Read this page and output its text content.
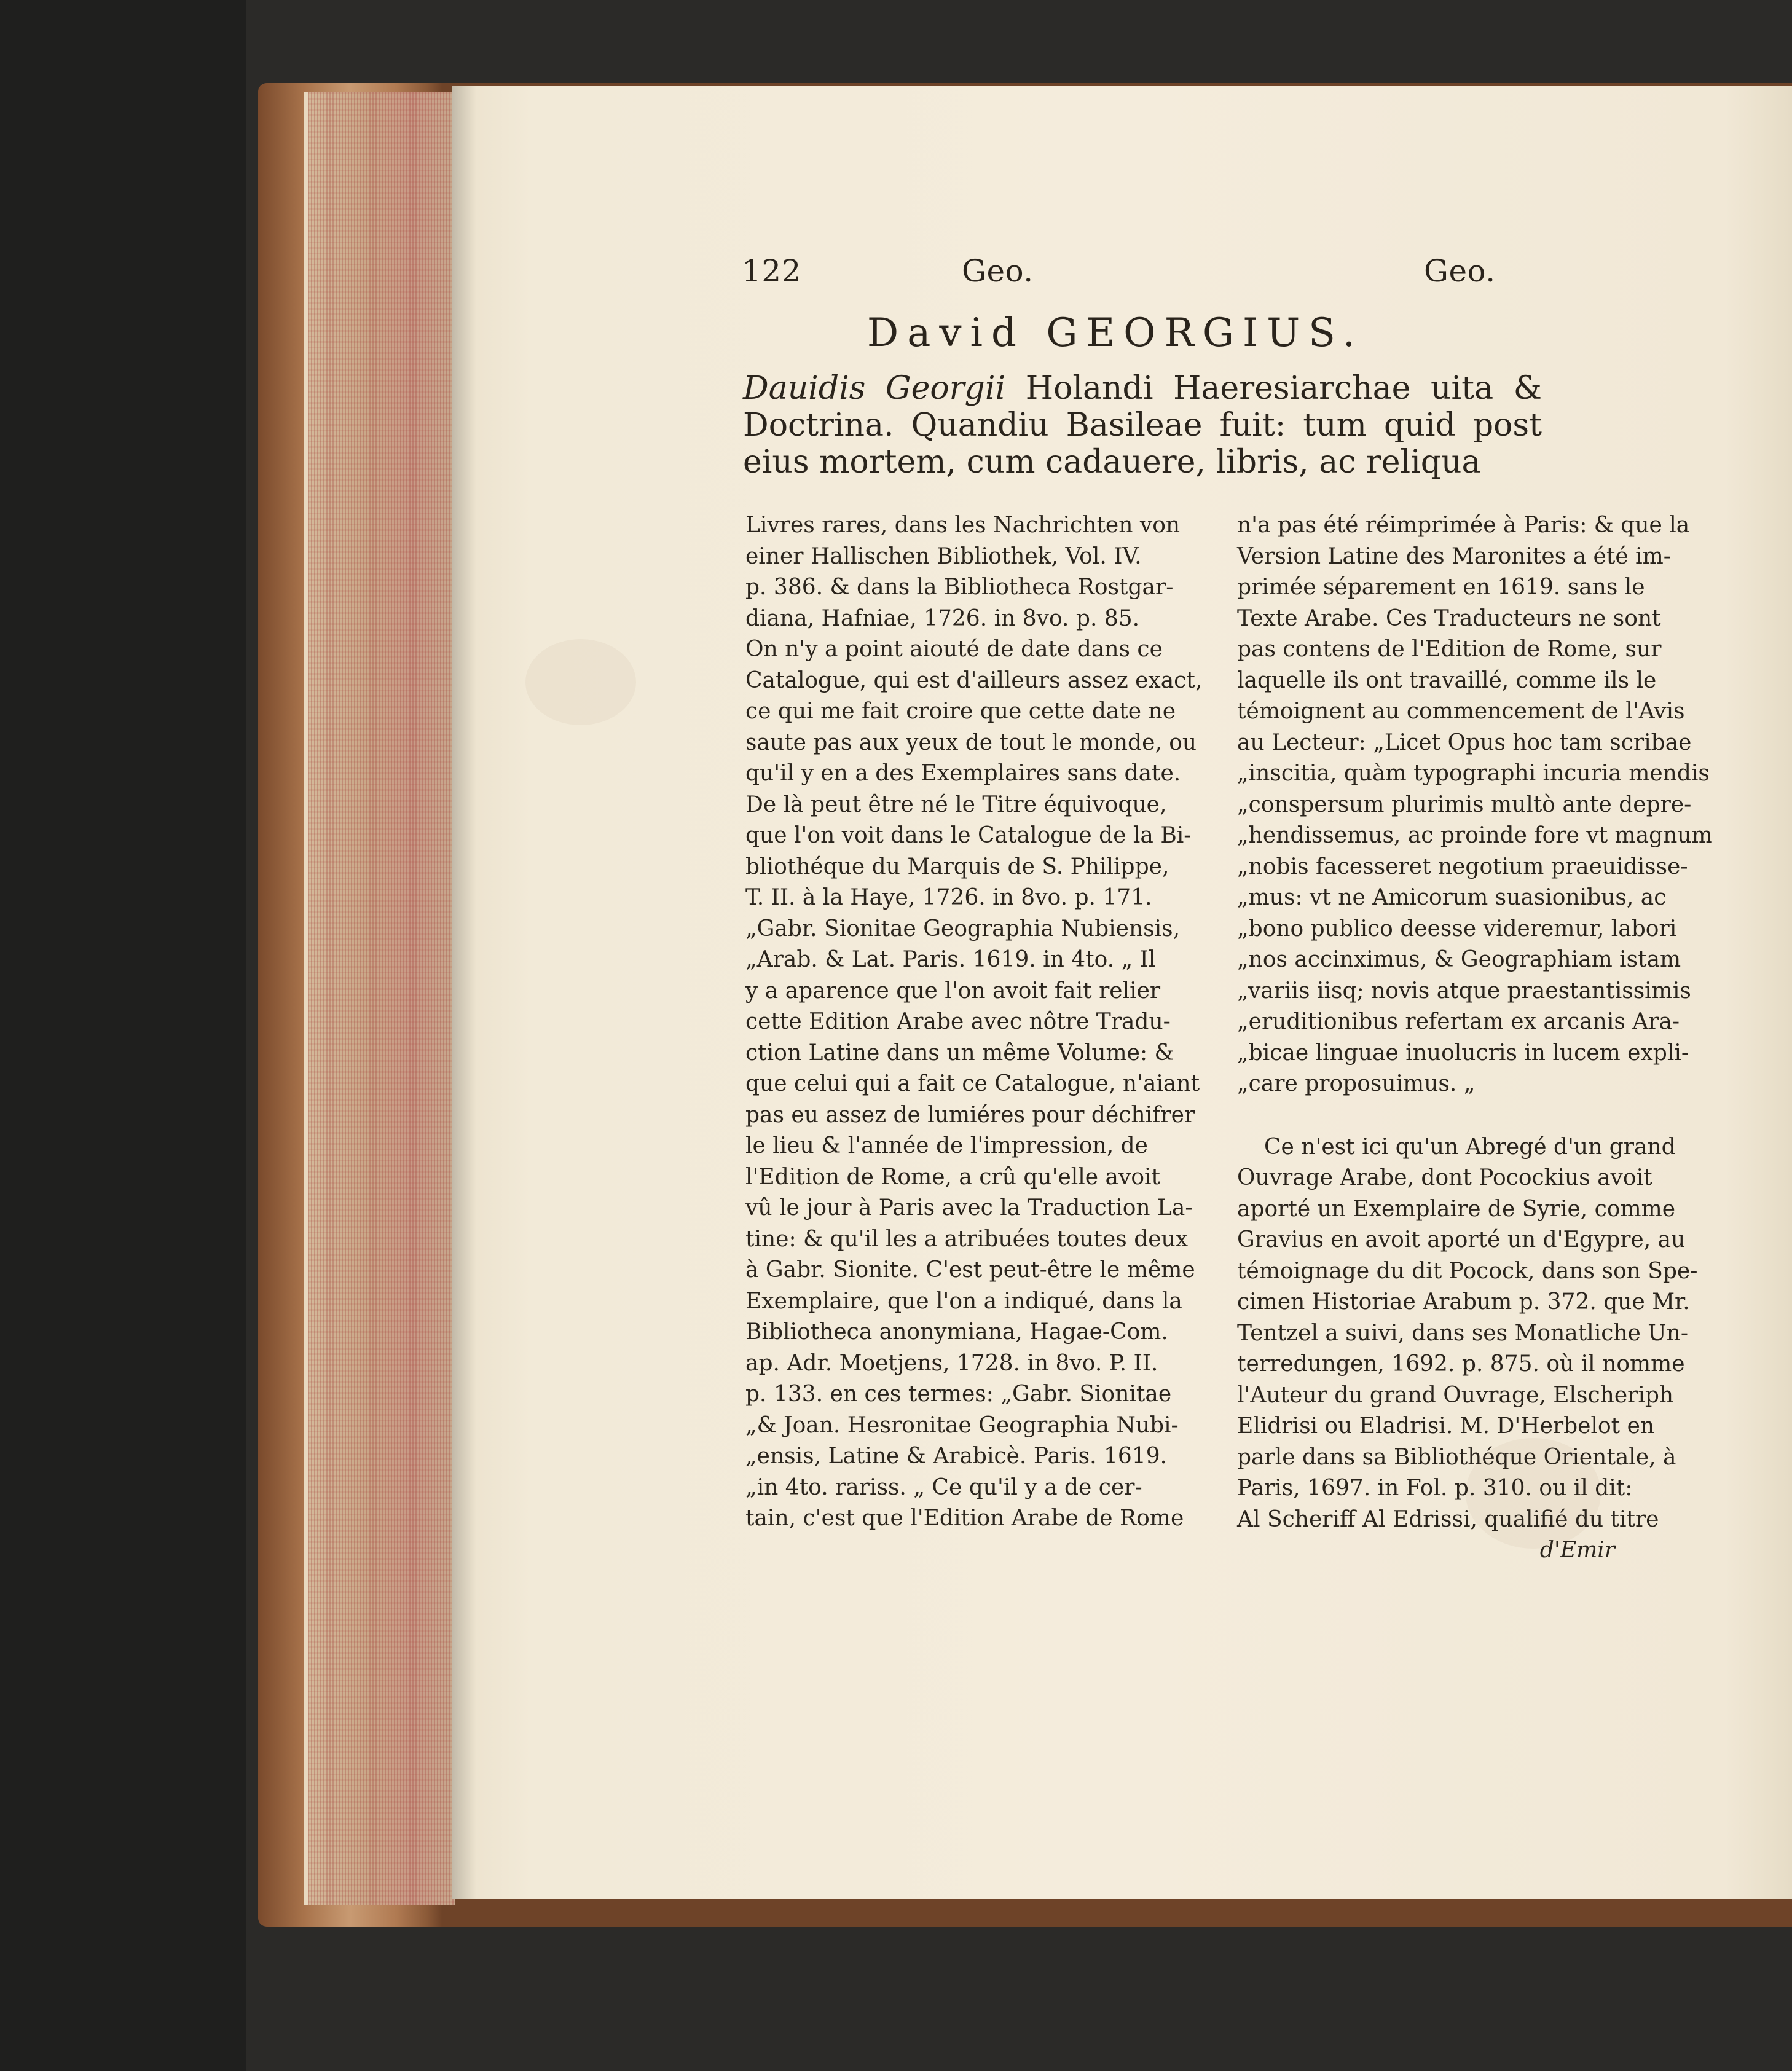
122	Geo.	Geo.
David GEORGIUS.
Dauidis Georgii Holandi Haeresiarchae uita & Doctrina. Quandiu Basileae fuit: tum quid post eius mortem, cum cadauere, libris, ac reliqua
Livres rares, dans les Nachrichten von
einer Hallischen Bibliothek, Vol. IV.
p. 386. & dans la Bibliotheca Rostgar-
diana, Hafniae, 1726. in 8vo. p. 85.
On n'y a point aiouté de date dans ce
Catalogue, qui est d'ailleurs assez exact,
ce qui me fait croire que cette date ne
saute pas aux yeux de tout le monde, ou
qu'il y en a des Exemplaires sans date.
De là peut être né le Titre équivoque,
que l'on voit dans le Catalogue de la Bi-
bliothéque du Marquis de S. Philippe,
T. II. à la Haye, 1726. in 8vo. p. 171.
„Gabr. Sionitae Geographia Nubiensis,
„Arab. & Lat. Paris. 1619. in 4to. „ Il
y a aparence que l'on avoit fait relier
cette Edition Arabe avec nôtre Tradu-
ction Latine dans un même Volume: &
que celui qui a fait ce Catalogue, n'aiant
pas eu assez de lumiéres pour déchifrer
le lieu & l'année de l'impression, de
l'Edition de Rome, a crû qu'elle avoit
vû le jour à Paris avec la Traduction La-
tine: & qu'il les a atribuées toutes deux
à Gabr. Sionite. C'est peut-être le même
Exemplaire, que l'on a indiqué, dans la
Bibliotheca anonymiana, Hagae-Com.
ap. Adr. Moetjens, 1728. in 8vo. P. II.
p. 133. en ces termes: „Gabr. Sionitae
„& Joan. Hesronitae Geographia Nubi-
„ensis, Latine & Arabicè. Paris. 1619.
„in 4to. rariss. „ Ce qu'il y a de cer-
tain, c'est que l'Edition Arabe de Rome
n'a pas été réimprimée à Paris: & que la
Version Latine des Maronites a été im-
primée séparement en 1619. sans le
Texte Arabe. Ces Traducteurs ne sont
pas contens de l'Edition de Rome, sur
laquelle ils ont travaillé, comme ils le
témoignent au commencement de l'Avis
au Lecteur: „Licet Opus hoc tam scribae
„inscitia, quàm typographi incuria mendis
„conspersum plurimis multò ante depre-
„hendissemus, ac proinde fore vt magnum
„nobis facesseret negotium praeuidisse-
„mus: vt ne Amicorum suasionibus, ac
„bono publico deesse videremur, labori
„nos accinximus, & Geographiam istam
„variis iisq; novis atque praestantissimis
„eruditionibus refertam ex arcanis Ara-
„bicae linguae inuolucris in lucem expli-
„care proposuimus. „
Ce n'est ici qu'un Abregé d'un grand
Ouvrage Arabe, dont Pocockius avoit
aporté un Exemplaire de Syrie, comme
Gravius en avoit aporté un d'Egypre, au
témoignage du dit Pocock, dans son Spe-
cimen Historiae Arabum p. 372. que Mr.
Tentzel a suivi, dans ses Monatliche Un-
terredungen, 1692. p. 875. où il nomme
l'Auteur du grand Ouvrage, Elscheriph
Elidrisi ou Eladrisi. M. D'Herbelot en
parle dans sa Bibliothéque Orientale, à
Paris, 1697. in Fol. p. 310. ou il dit:
Al Scheriff Al Edrissi, qualifié du titre
d'Emir
